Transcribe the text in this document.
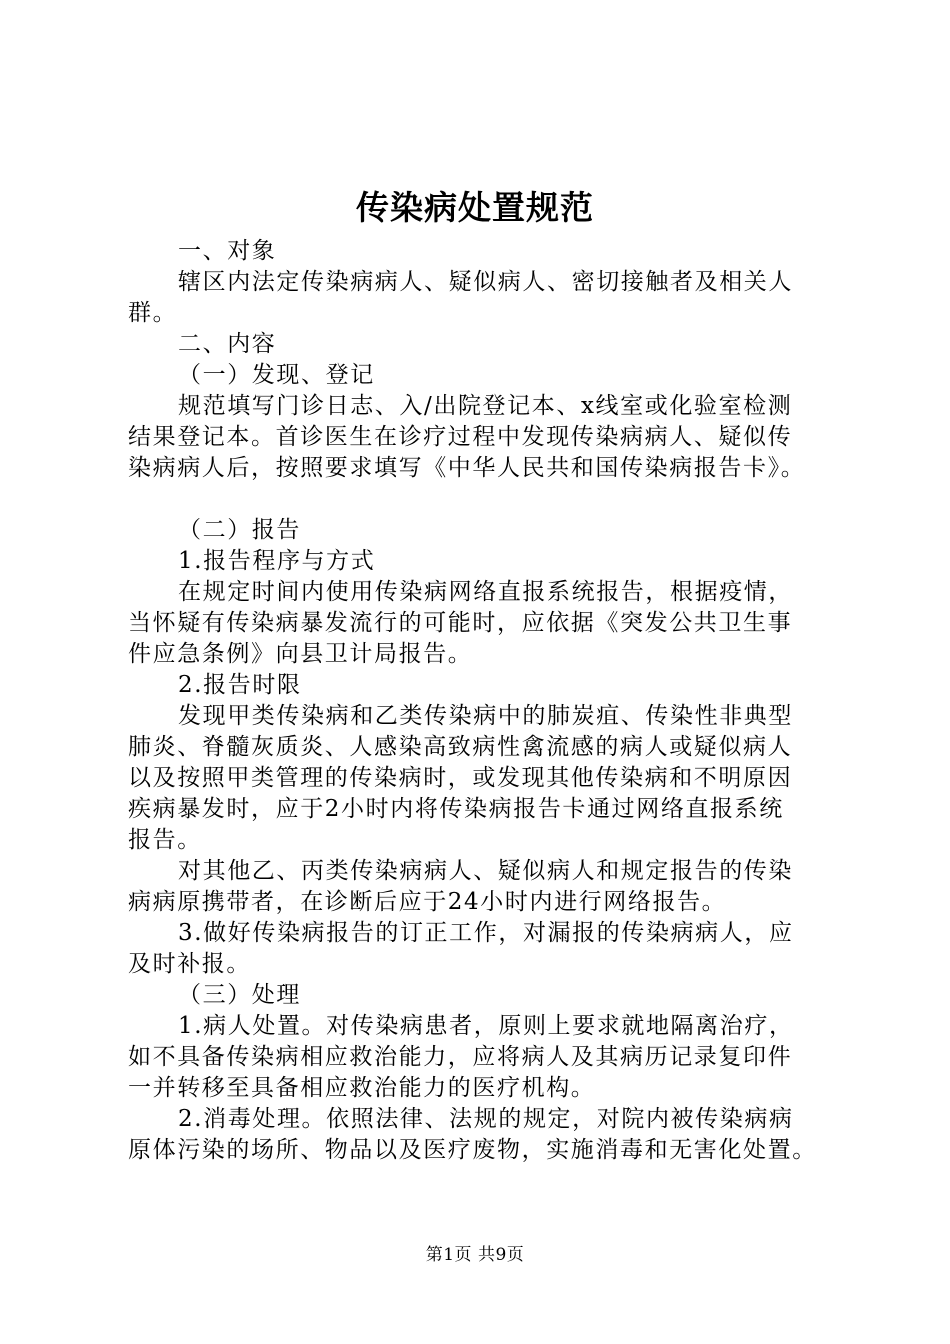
传染病处置规范

一、对象

辖区内法定传染病病人、疑似病人、密切接触者及相关人

群。

二、内容

（一）发现、登记

规范填写门诊日志、入/出院登记本、x线室或化验室检测

结果登记本。首诊医生在诊疗过程中发现传染病病人、疑似传

染病病人后，按照要求填写《中华人民共和国传染病报告卡》。

（二）报告

1.报告程序与方式

在规定时间内使用传染病网络直报系统报告，根据疫情，

当怀疑有传染病暴发流行的可能时，应依据《突发公共卫生事

件应急条例》向县卫计局报告。

2.报告时限

发现甲类传染病和乙类传染病中的肺炭疽、传染性非典型

肺炎、脊髓灰质炎、人感染高致病性禽流感的病人或疑似病人

以及按照甲类管理的传染病时，或发现其他传染病和不明原因

疾病暴发时，应于2小时内将传染病报告卡通过网络直报系统

报告。

对其他乙、丙类传染病病人、疑似病人和规定报告的传染

病病原携带者，在诊断后应于24小时内进行网络报告。

3.做好传染病报告的订正工作，对漏报的传染病病人，应

及时补报。

（三）处理

1.病人处置。对传染病患者，原则上要求就地隔离治疗，

如不具备传染病相应救治能力，应将病人及其病历记录复印件

一并转移至具备相应救治能力的医疗机构。

2.消毒处理。依照法律、法规的规定，对院内被传染病病

原体污染的场所、物品以及医疗废物，实施消毒和无害化处置。

第1页 共9页
